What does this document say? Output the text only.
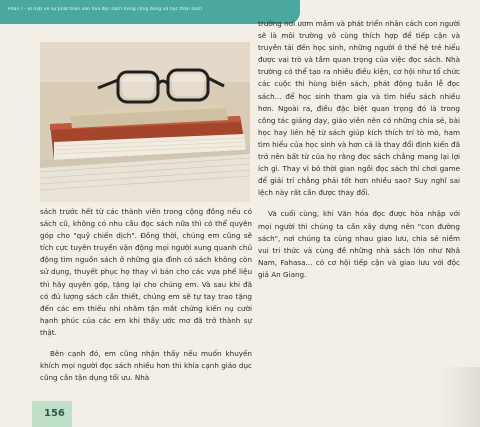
Phần I – Bí mật về sự phát triển văn hóa đọc sách trong cộng đồng và học thân sách

sách trước hết từ các thành viên trong cộng đồng nếu có sách cũ, không có nhu cầu đọc sách nữa thì có thể quyên góp cho "quỹ chiến dịch". Đồng thời, chúng em cũng sẽ tích cực tuyên truyền vận động mọi người xung quanh chủ động tìm nguồn sách ở những gia đình có sách không còn sử dụng, thuyết phục họ thay vì bán cho các vựa phế liệu thì hãy quyên góp, tặng lại cho chúng em. Và sau khi đã có đủ lượng sách cần thiết, chúng em sẽ tự tay trao tặng đến các em thiếu nhi nhằm tận mắt chứng kiến nụ cười hạnh phúc của các em khi thấy ước mơ đã trở thành sự thật.

Bên cạnh đó, em cũng nhận thấy nếu muốn khuyến khích mọi người đọc sách nhiều hơn thì khía cạnh giáo dục cũng cần tận dụng tối ưu. Nhà

trường nơi ươm mầm và phát triển nhân cách con người sẽ là môi trường vô cùng thích hợp để tiếp cận và truyền tải đến học sinh, những người ở thế hệ trẻ hiểu được vai trò và tầm quan trọng của việc đọc sách. Nhà trường có thể tạo ra nhiều điều kiện, cơ hội như tổ chức các cuộc thi hùng biện sách, phát động tuần lễ đọc sách... để học sinh tham gia và tìm hiểu sách nhiều hơn. Ngoài ra, điều đặc biệt quan trọng đó là trong công tác giảng dạy, giáo viên nên có những chia sẻ, bài học hay liên hệ từ sách giúp kích thích trí tò mò, ham tìm hiểu của học sinh và hơn cả là thay đổi định kiến đã trở nên bất từ của họ rằng đọc sách chẳng mang lại lợi ích gì. Thay vì bỏ thời gian ngồi đọc sách thì chơi game để giải trí chẳng phải tốt hơn nhiều sao? Suy nghĩ sai lệch này rất cần được thay đổi.

Và cuối cùng, khi Văn hóa đọc được hòa nhập với mọi người thì chúng ta cần xây dựng nên "con đường sách", nơi chúng ta cùng nhau giao lưu, chia sẻ niềm vui tri thức và cùng đề những nhà sách lớn như Nhã Nam, Fahasa... có cơ hội tiếp cận và giao lưu với độc giả An Giang.

156
